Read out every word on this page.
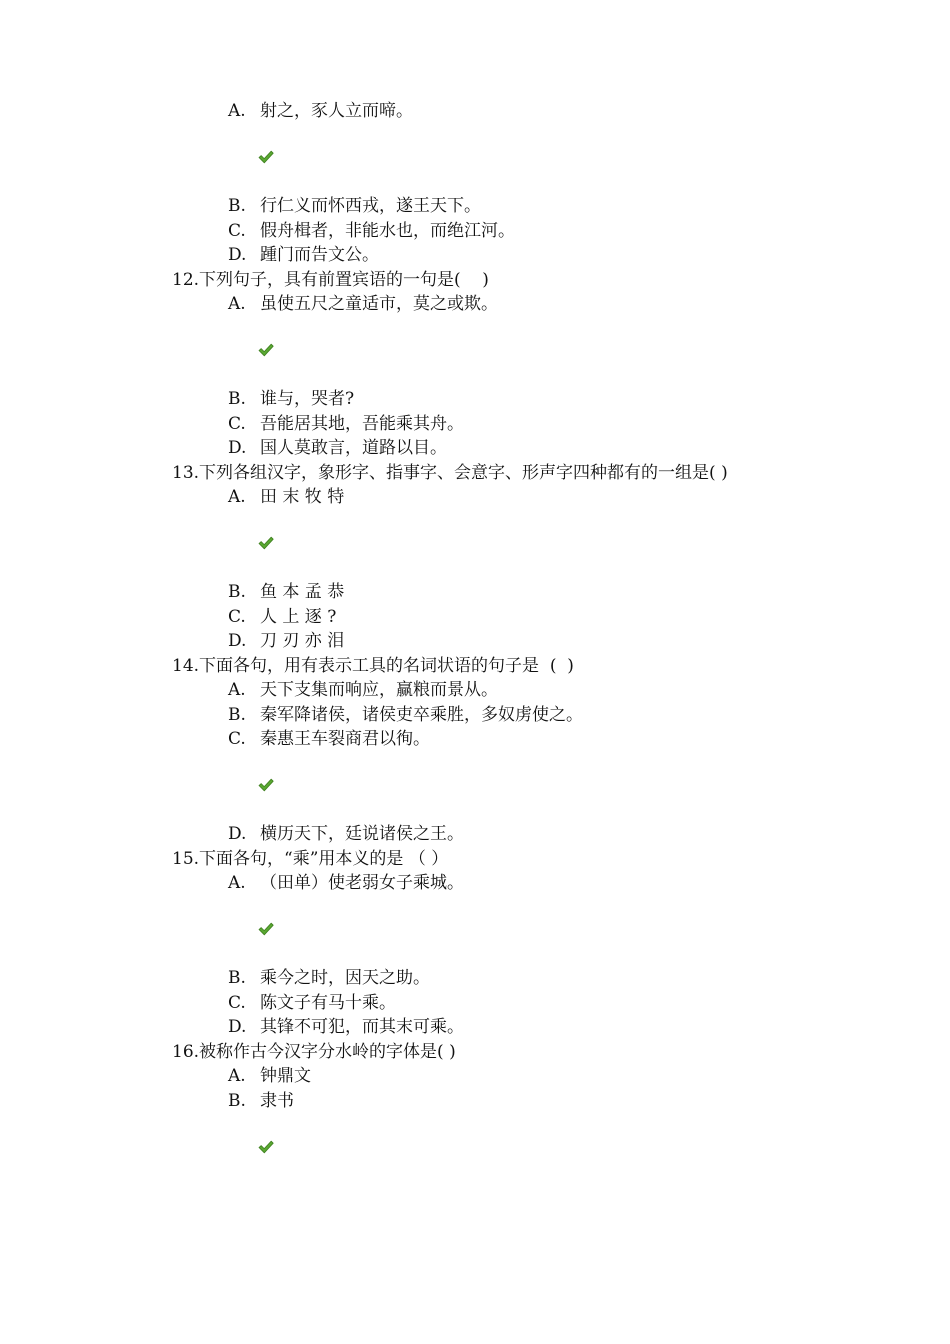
A. 射之，豕人立而啼。
B. 行仁义而怀西戎，遂王天下。
C. 假舟楫者，非能水也，而绝江河。
D. 踵门而告文公。
12.下列句子，具有前置宾语的一句是(    )
A. 虽使五尺之童适市，莫之或欺。
B. 谁与，哭者?
C. 吾能居其地，吾能乘其舟。
D. 国人莫敢言，道路以目。
13.下列各组汉字，象形字、指事字、会意字、形声字四种都有的一组是( )
A. 田 末 牧 特
B. 鱼 本 孟 恭
C. 人 上 逐 ?
D. 刀 刃 亦 泪
14.下面各句，用有表示工具的名词状语的句子是  (  )
A. 天下支集而响应，赢粮而景从。
B. 秦军降诸侯，诸侯吏卒乘胜，多奴虏使之。
C. 秦惠王车裂商君以徇。
D. 横历天下，廷说诸侯之王。
15.下面各句，“乘”用本义的是 （ ）
A. （田单）使老弱女子乘城。
B. 乘今之时，因天之助。
C. 陈文子有马十乘。
D. 其锋不可犯，而其末可乘。
16.被称作古今汉字分水岭的字体是( )
A. 钟鼎文
B. 隶书
